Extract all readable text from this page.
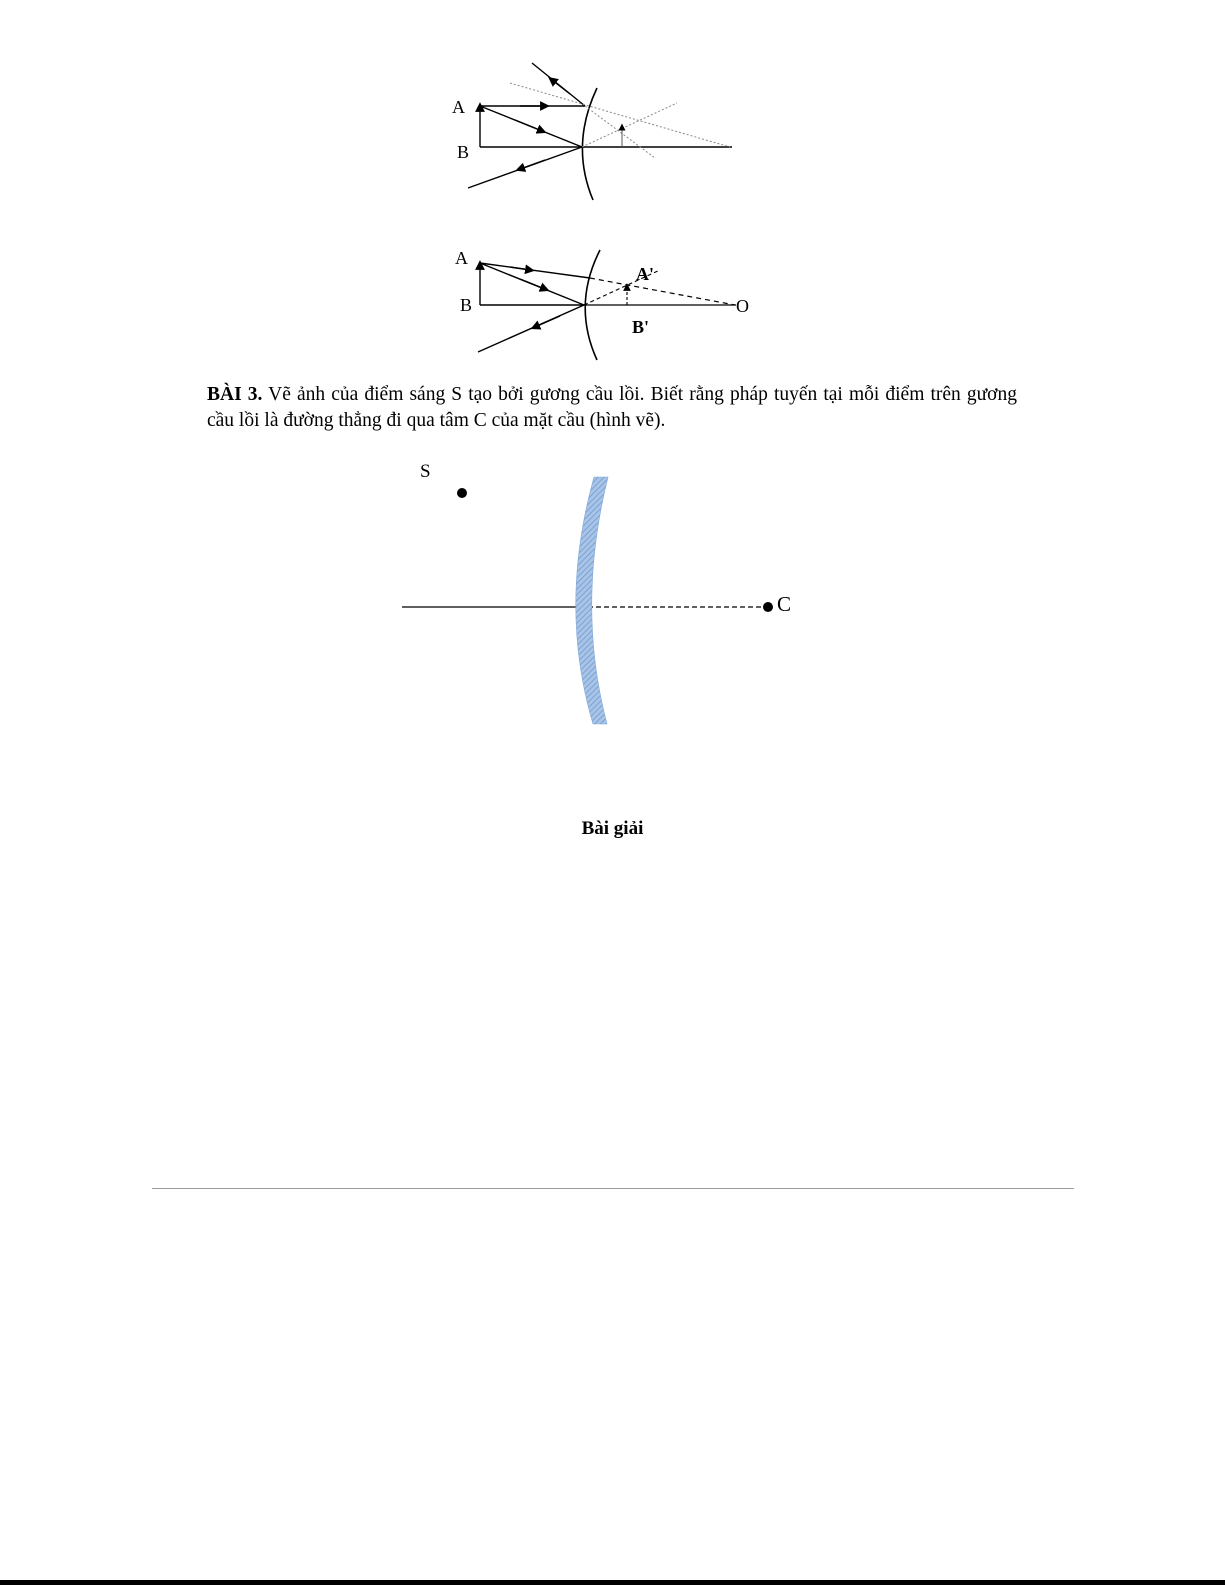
A
B
A
B
A'
B'
O

BÀI 3. Vẽ ảnh của điểm sáng S tạo bởi gương cầu lồi. Biết rằng pháp tuyến tại mỗi điểm trên gương cầu lồi là đường thẳng đi qua tâm C của mặt cầu (hình vẽ).

S
C
Bài giải
